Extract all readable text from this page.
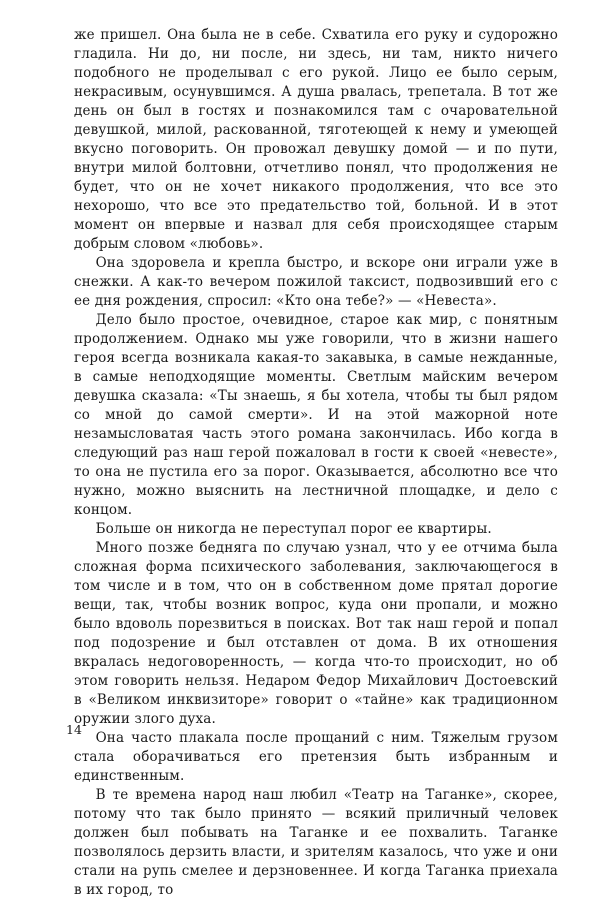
же пришел. Она была не в себе. Схватила его руку и судорожно гладила. Ни до, ни после, ни здесь, ни там, никто ничего подобного не проделывал с его рукой. Лицо ее было серым, некрасивым, осунувшимся. А душа рвалась, трепетала. В тот же день он был в гостях и познакомился там с очаровательной девушкой, милой, раскованной, тяготеющей к нему и умеющей вкусно поговорить. Он провожал девушку домой — и по пути, внутри милой болтовни, отчетливо понял, что продолжения не будет, что он не хочет никакого продолжения, что все это нехорошо, что все это предательство той, больной. И в этот момент он впервые и назвал для себя происходящее старым добрым словом «любовь».

Она здоровела и крепла быстро, и вскоре они играли уже в снежки. А как-то вечером пожилой таксист, подвозивший его с ее дня рождения, спросил: «Кто она тебе?» — «Невеста».

Дело было простое, очевидное, старое как мир, с понятным продолжением. Однако мы уже говорили, что в жизни нашего героя всегда возникала какая-то закавыка, в самые нежданные, в самые неподходящие моменты. Светлым майским вечером девушка сказала: «Ты знаешь, я бы хотела, чтобы ты был рядом со мной до самой смерти». И на этой мажорной ноте незамысловатая часть этого романа закончилась. Ибо когда в следующий раз наш герой пожаловал в гости к своей «невесте», то она не пустила его за порог. Оказывается, абсолютно все что нужно, можно выяснить на лестничной площадке, и дело с концом.

Больше он никогда не переступал порог ее квартиры.

Много позже бедняга по случаю узнал, что у ее отчима была сложная форма психического заболевания, заключающегося в том числе и в том, что он в собственном доме прятал дорогие вещи, так, чтобы возник вопрос, куда они пропали, и можно было вдоволь порезвиться в поисках. Вот так наш герой и попал под подозрение и был отставлен от дома. В их отношения вкралась недоговоренность, — когда что-то происходит, но об этом говорить нельзя. Недаром Федор Михайлович Достоевский в «Великом инквизиторе» говорит о «тайне» как традиционном оружии злого духа.

Она часто плакала после прощаний с ним. Тяжелым грузом стала оборачиваться его претензия быть избранным и единственным.

В те времена народ наш любил «Театр на Таганке», скорее, потому что так было принято — всякий приличный человек должен был побывать на Таганке и ее похвалить. Таганке позволялось дерзить власти, и зрителям казалось, что уже и они стали на рупь смелее и дерзновеннее. И когда Таганка приехала в их город, то

14
